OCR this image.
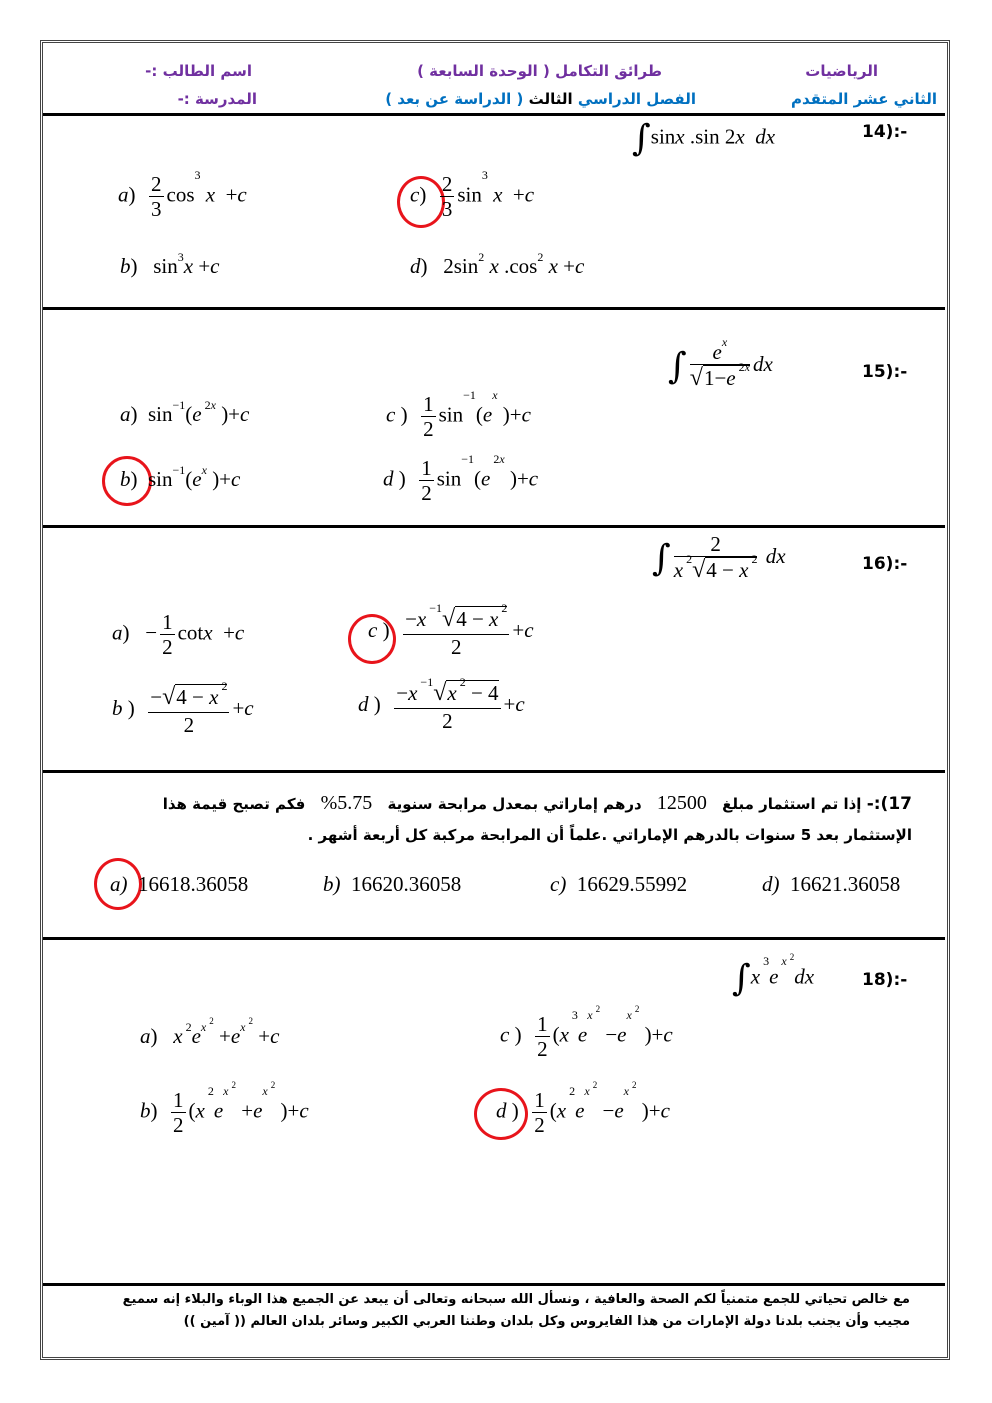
الرياضيات
الثاني عشر المتقدم
طرائق التكامل ( الوحدة السابعة )
الفصل الدراسي الثالث ( الدراسة عن بعد )
اسم الطالب :-
المدرسة :-
14):-
∫sinx .sin 2x dx
$a) \frac{2}{3} \cos^3 x +c$	$c) \frac{2}{3} \sin^3 x +c$
b)   $\sin^3x +c$	d)   $2\sin^2$ x $.\cos^2$ x +c
15):-
∫ $\frac{e^x}{√1-e ^{2x}}$ dx
a)  $\sin^{-1}(e$ $^{2x}$ )+c	c ) $\frac{1}{2} \sin^{-1}(e^x$ )+c
b)  $\sin^{-1}(e^x$ )+c	d ) $\frac{1}{2} \sin^{-1}(e$ $^{2x}$ )+c
16):-
∫ $\frac{2}{x ^2√4 - x ^2}$ dx
$a) - \frac{1}{2}$ cotx  +c	c ) $\frac{-x ^{-1}√4 - x ^2}{2} +c$
b ) $\frac{-√4 - x ^2}{2} +c$	d ) $\frac{-x ^{-1}√x ^2 - 4}{2} +c$
17):- إذا تم استثمار مبلغ 12500 درهم إماراتي بمعدل مرابحة سنوية 5.75% فكم تصبح قيمة هذا
الإستثمار بعد 5 سنوات بالدرهم الإماراتي .علماً أن المرابحة مركبة كل أربعة أشهر .
a) 16618.36058	b) 16620.36058	c) 16629.55992	d) 16621.36058
18):-
∫x $^3$e $^{x ^2}$dx
a)   x $^2e^{x ^2} +e^{x ^2} +c$	c ) $\frac{1}{2} (x$ $^3e^{x ^2} -e^{x ^2}$ )+c
$b) \frac{1}{2} (x$ $^2e^{x ^2} +e^{x ^2}$ )+c	d ) $\frac{1}{2} (x$ $^2e^{x ^2} -e^{x ^2}$ )+c
مع خالص تحياتي للجمع متمنياً لكم الصحة والعافية ، ونسأل الله سبحانه وتعالى أن يبعد عن الجميع هذا الوباء والبلاء إنه سميع
مجيب وأن يجنب بلدنا دولة الإمارات من هذا الفايروس وكل بلدان وطننا العربي الكبير وسائر بلدان العالم (( آمين ))
